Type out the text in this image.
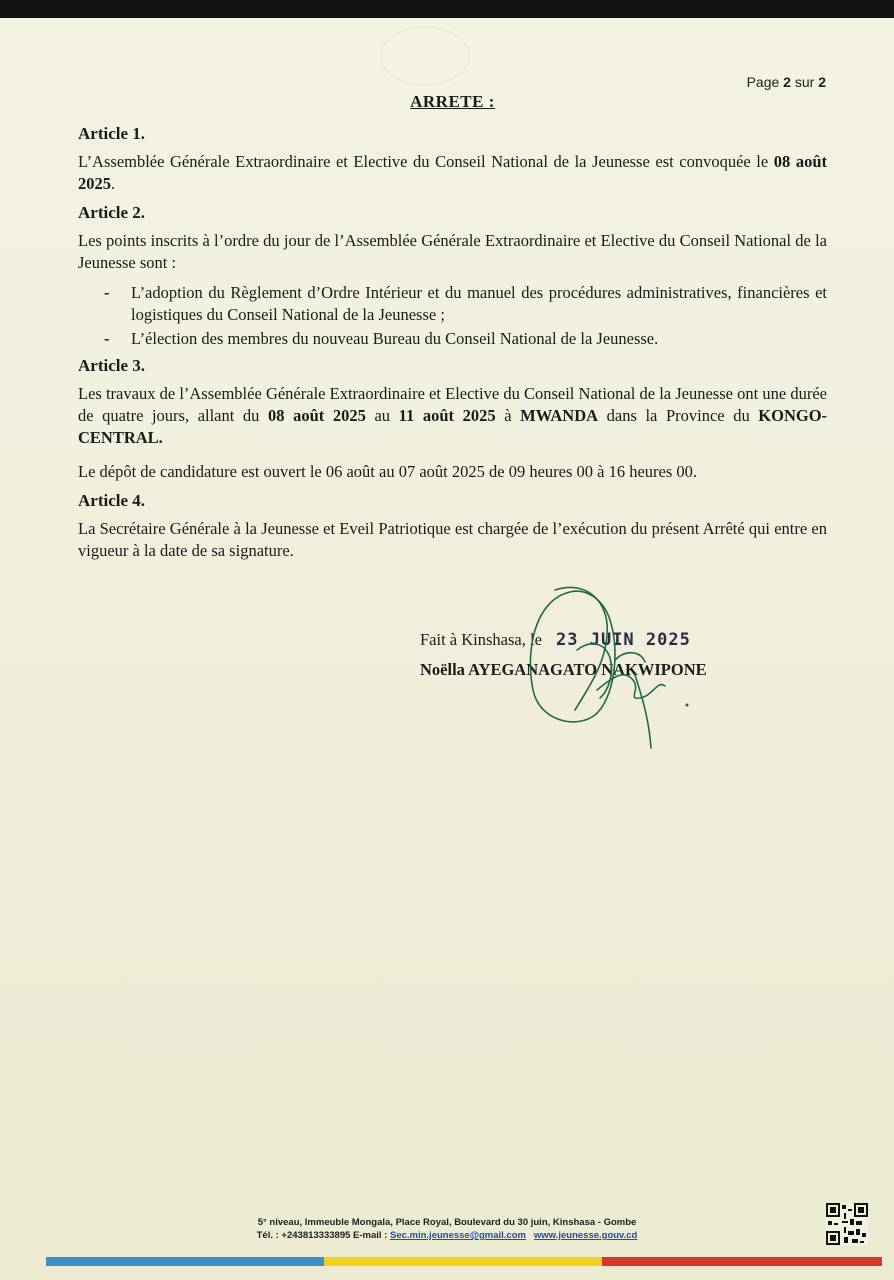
Page 2 sur 2
ARRETE :
Article 1.

L’Assemblée Générale Extraordinaire et Elective du Conseil National de la Jeunesse est convoquée le 08 août 2025.

Article 2.

Les points inscrits à l’ordre du jour de l’Assemblée Générale Extraordinaire et Elective du Conseil National de la Jeunesse sont :

- L’adoption du Règlement d’Ordre Intérieur et du manuel des procédures administratives, financières et logistiques du Conseil National de la Jeunesse ;
- L’élection des membres du nouveau Bureau du Conseil National de la Jeunesse.
Article 3.

Les travaux de l’Assemblée Générale Extraordinaire et Elective du Conseil National de la Jeunesse ont une durée de quatre jours, allant du 08 août 2025 au 11 août 2025 à MWANDA dans la Province du KONGO-CENTRAL.

Le dépôt de candidature est ouvert le 06 août au 07 août 2025 de 09 heures 00 à 16 heures 00.

Article 4.

La Secrétaire Générale à la Jeunesse et Eveil Patriotique est chargée de l’exécution du présent Arrêté qui entre en vigueur à la date de sa signature.

Fait à Kinshasa, le 23 JUIN 2025
Noëlla AYEGANAGATO NAKWIPONE
5° niveau, Immeuble Mongala, Place Royal, Boulevard du 30 juin, Kinshasa - Gombe
Tél. : +243813333895 E-mail : Sec.min.jeunesse@gmail.com www.jeunesse.gouv.cd
